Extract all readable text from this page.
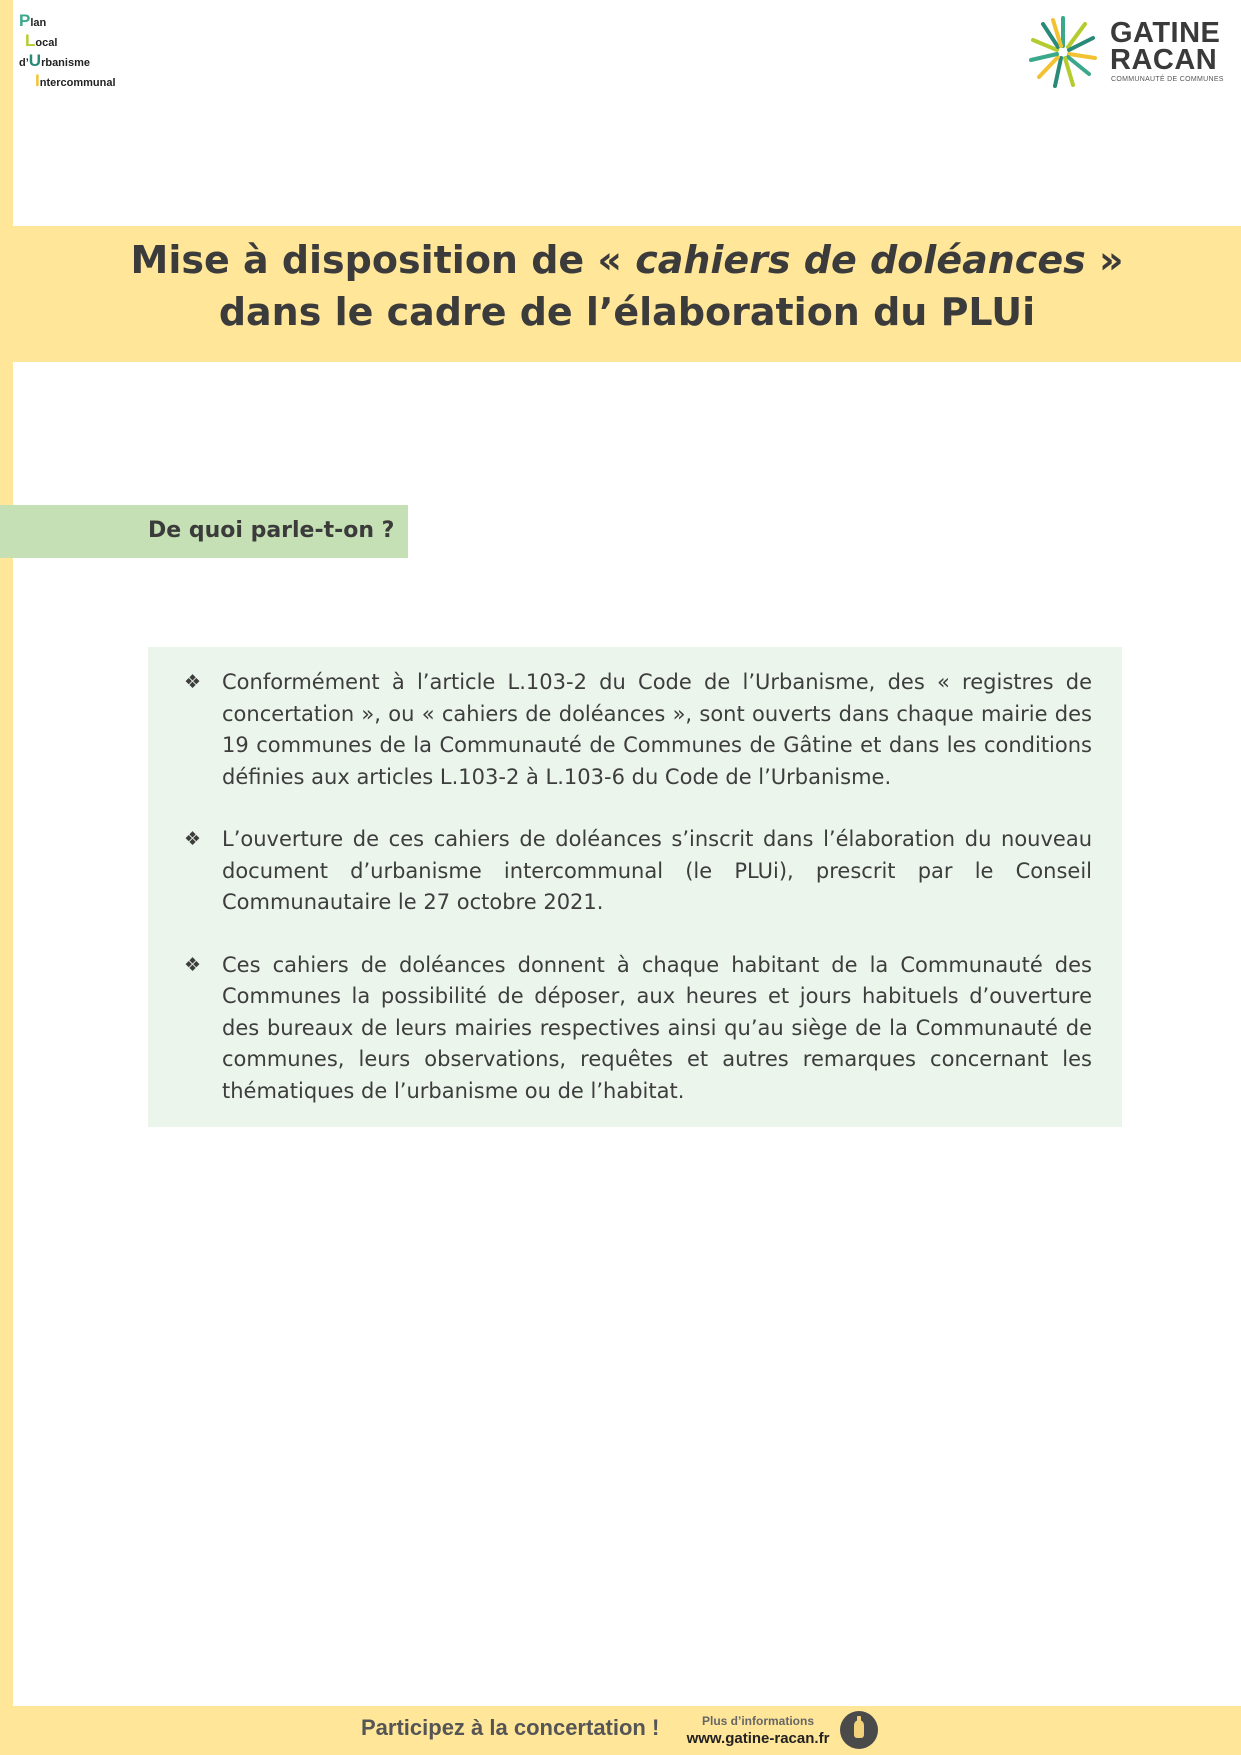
Plan
Local
d’Urbanisme
Intercommunal
GATINE
RACAN
COMMUNAUTÉ DE COMMUNES
Mise à disposition de « cahiers de doléances »
dans le cadre de l’élaboration du PLUi
De quoi parle-t-on ?
❖ Conformément à l’article L.103-2 du Code de l’Urbanisme, des « registres de concertation », ou « cahiers de doléances », sont ouverts dans chaque mairie des 19 communes de la Communauté de Communes de Gâtine et dans les conditions définies aux articles L.103-2 à L.103-6 du Code de l’Urbanisme.
❖ L’ouverture de ces cahiers de doléances s’inscrit dans l’élaboration du nouveau document d’urbanisme intercommunal (le PLUi), prescrit par le Conseil Communautaire le 27 octobre 2021.
❖ Ces cahiers de doléances donnent à chaque habitant de la Communauté des Communes la possibilité de déposer, aux heures et jours habituels d’ouverture des bureaux de leurs mairies respectives ainsi qu’au siège de la Communauté de communes, leurs observations, requêtes et autres remarques concernant les thématiques de l’urbanisme ou de l’habitat.
Participez à la concertation !	Plus d’informations
www.gatine-racan.fr
